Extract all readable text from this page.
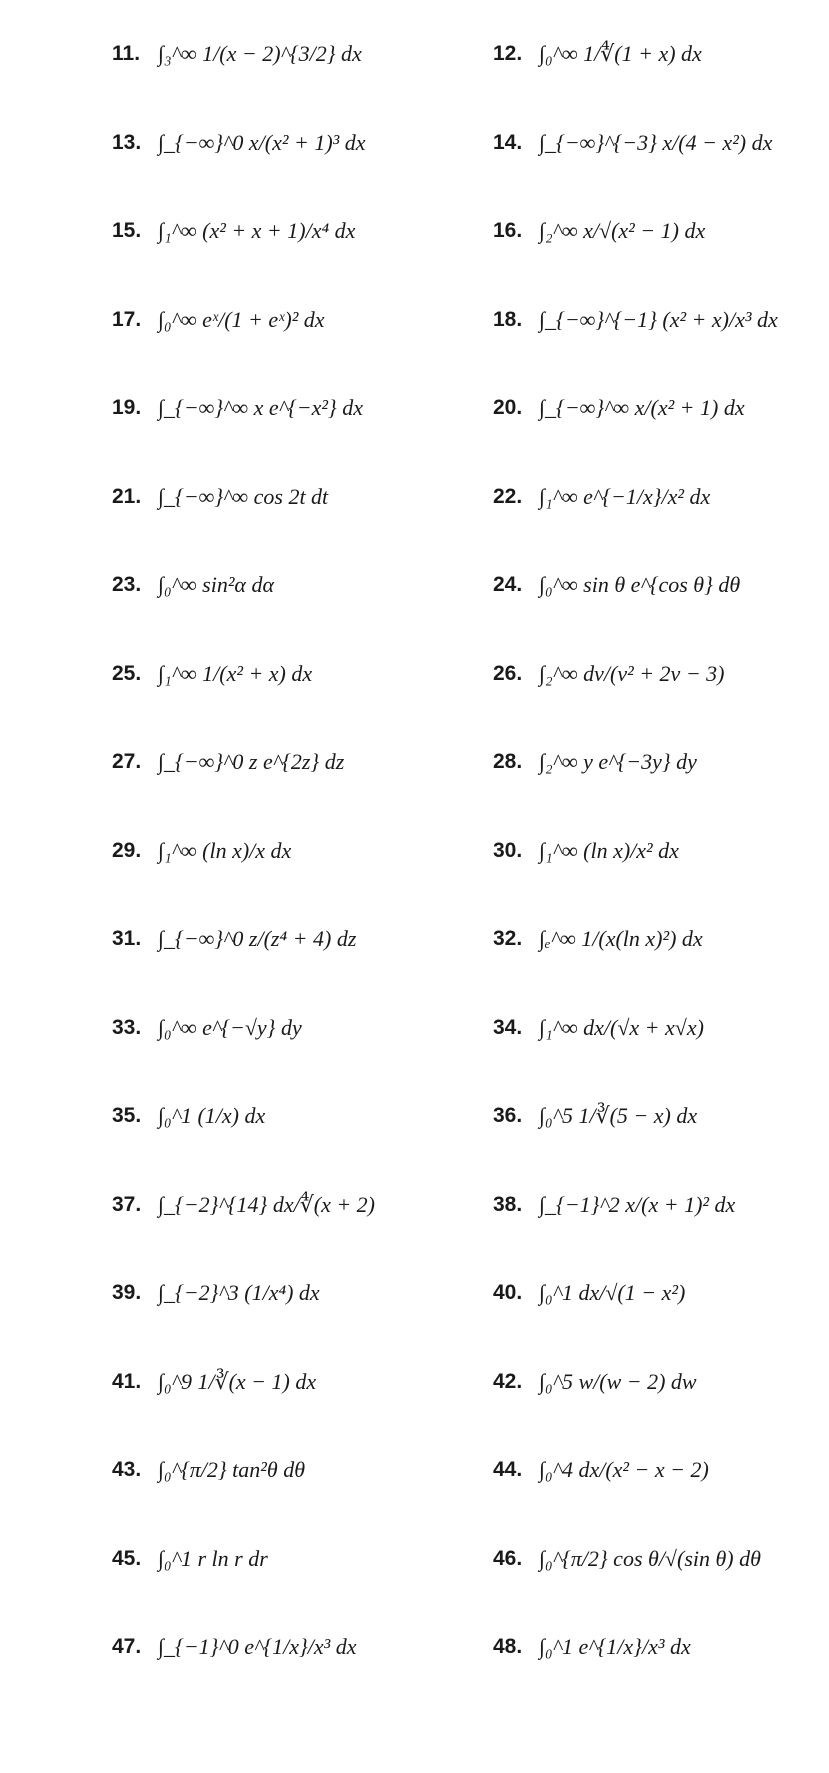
11. ∫₃^∞ 1/(x − 2)^{3/2} dx	12. ∫₀^∞ 1/∜(1 + x) dx
13. ∫_{−∞}^0 x/(x² + 1)³ dx	14. ∫_{−∞}^{−3} x/(4 − x²) dx
15. ∫₁^∞ (x² + x + 1)/x⁴ dx	16. ∫₂^∞ x/√(x² − 1) dx
17. ∫₀^∞ eˣ/(1 + eˣ)² dx	18. ∫_{−∞}^{−1} (x² + x)/x³ dx
19. ∫_{−∞}^∞ x e^{−x²} dx	20. ∫_{−∞}^∞ x/(x² + 1) dx
21. ∫_{−∞}^∞ cos 2t dt	22. ∫₁^∞ e^{−1/x}/x² dx
23. ∫₀^∞ sin²α dα	24. ∫₀^∞ sin θ e^{cos θ} dθ
25. ∫₁^∞ 1/(x² + x) dx	26. ∫₂^∞ dv/(v² + 2v − 3)
27. ∫_{−∞}^0 z e^{2z} dz	28. ∫₂^∞ y e^{−3y} dy
29. ∫₁^∞ (ln x)/x dx	30. ∫₁^∞ (ln x)/x² dx
31. ∫_{−∞}^0 z/(z⁴ + 4) dz	32. ∫ₑ^∞ 1/(x(ln x)²) dx
33. ∫₀^∞ e^{−√y} dy	34. ∫₁^∞ dx/(√x + x√x)
35. ∫₀^1 (1/x) dx	36. ∫₀^5 1/∛(5 − x) dx
37. ∫_{−2}^{14} dx/∜(x + 2)	38. ∫_{−1}^2 x/(x + 1)² dx
39. ∫_{−2}^3 (1/x⁴) dx	40. ∫₀^1 dx/√(1 − x²)
41. ∫₀^9 1/∛(x − 1) dx	42. ∫₀^5 w/(w − 2) dw
43. ∫₀^{π/2} tan²θ dθ	44. ∫₀^4 dx/(x² − x − 2)
45. ∫₀^1 r ln r dr	46. ∫₀^{π/2} cos θ/√(sin θ) dθ
47. ∫_{−1}^0 e^{1/x}/x³ dx	48. ∫₀^1 e^{1/x}/x³ dx
